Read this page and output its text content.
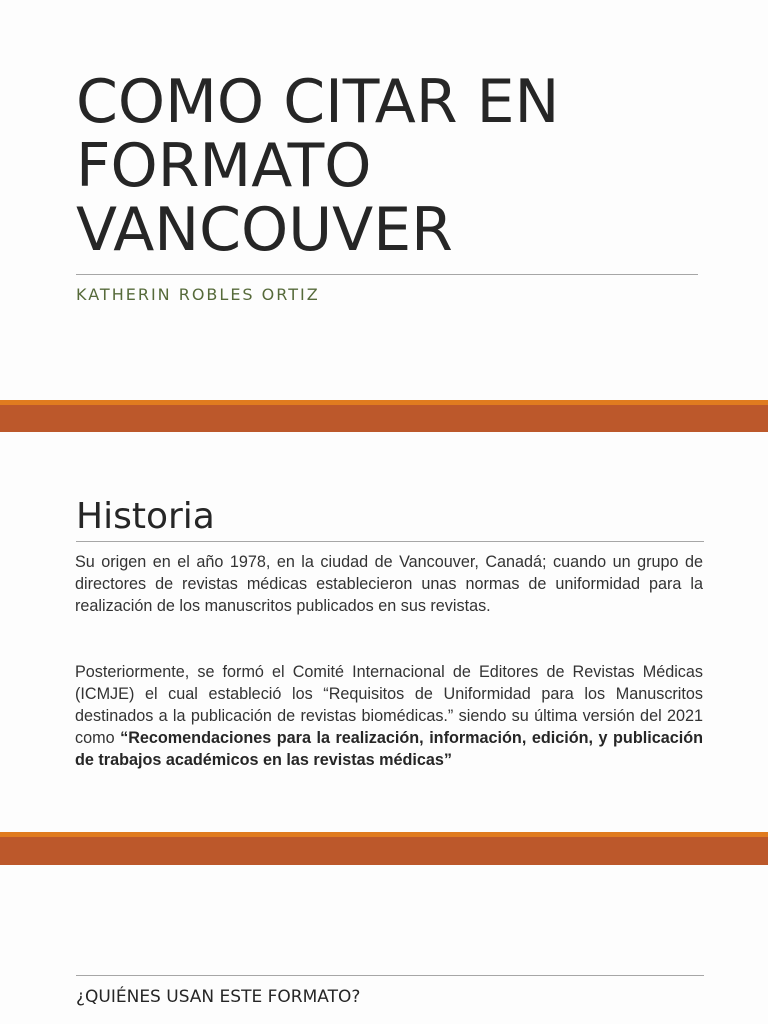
COMO CITAR EN
FORMATO
VANCOUVER
KATHERIN ROBLES ORTIZ
Historia

Su origen en el año 1978, en la ciudad de Vancouver, Canadá; cuando un grupo de directores de revistas médicas establecieron unas normas de uniformidad para la realización de los manuscritos publicados en sus revistas.

Posteriormente, se formó el Comité Internacional de Editores de Revistas Médicas (ICMJE) el cual estableció los “Requisitos de Uniformidad para los Manuscritos destinados a la publicación de revistas biomédicas.” siendo su última versión del 2021 como “Recomendaciones para la realización, información, edición, y publicación de trabajos académicos en las revistas médicas”

¿QUIÉNES USAN ESTE FORMATO?
